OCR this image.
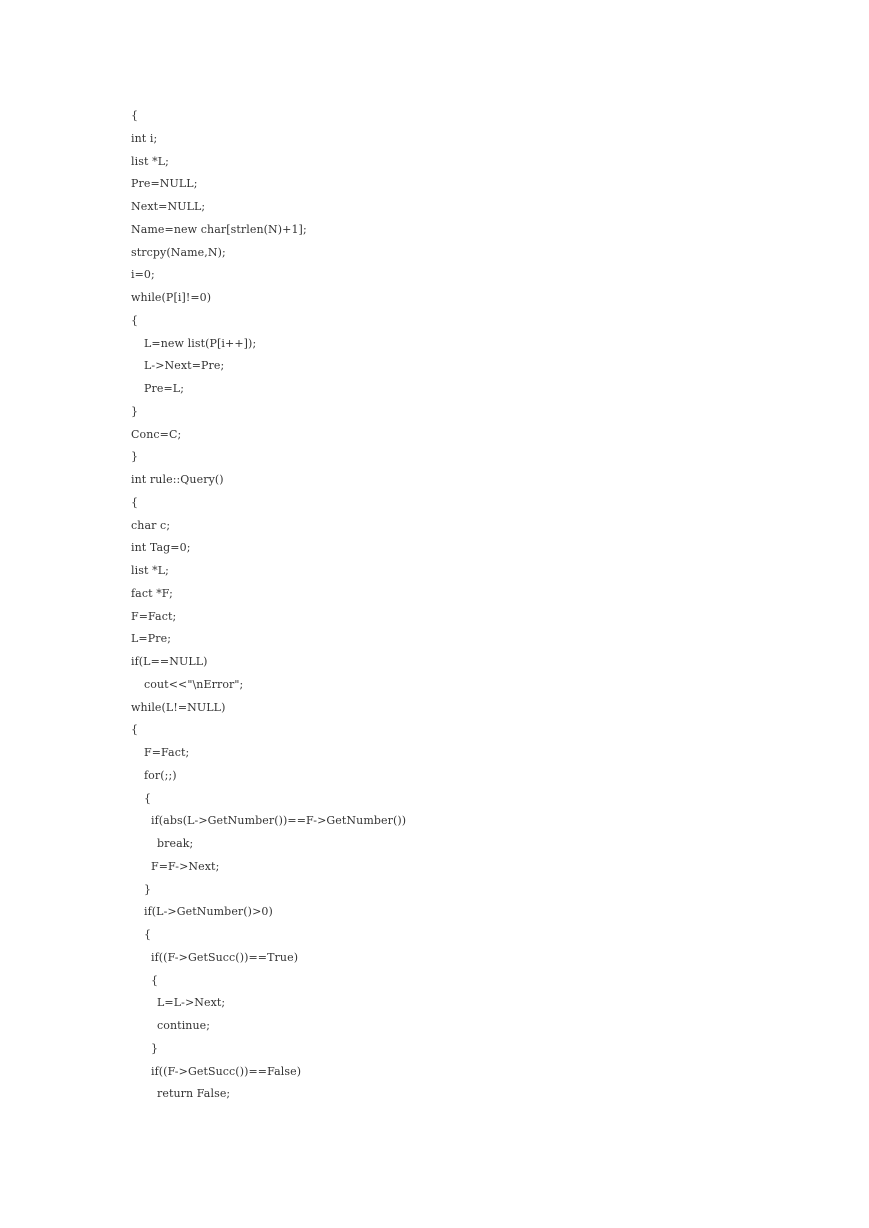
{
int i;
list *L;
Pre=NULL;
Next=NULL;
Name=new char[strlen(N)+1];
strcpy(Name,N);
i=0;
while(P[i]!=0)
{
L=new list(P[i++]);
L->Next=Pre;
Pre=L;
}
Conc=C;
}
int rule::Query()
{
char c;
int Tag=0;
list *L;
fact *F;
F=Fact;
L=Pre;
if(L==NULL)
cout<<"\nError";
while(L!=NULL)
{
F=Fact;
for(;;)
{
if(abs(L->GetNumber())==F->GetNumber())
break;
F=F->Next;
}
if(L->GetNumber()>0)
{
if((F->GetSucc())==True)
{
L=L->Next;
continue;
}
if((F->GetSucc())==False)
return False;
